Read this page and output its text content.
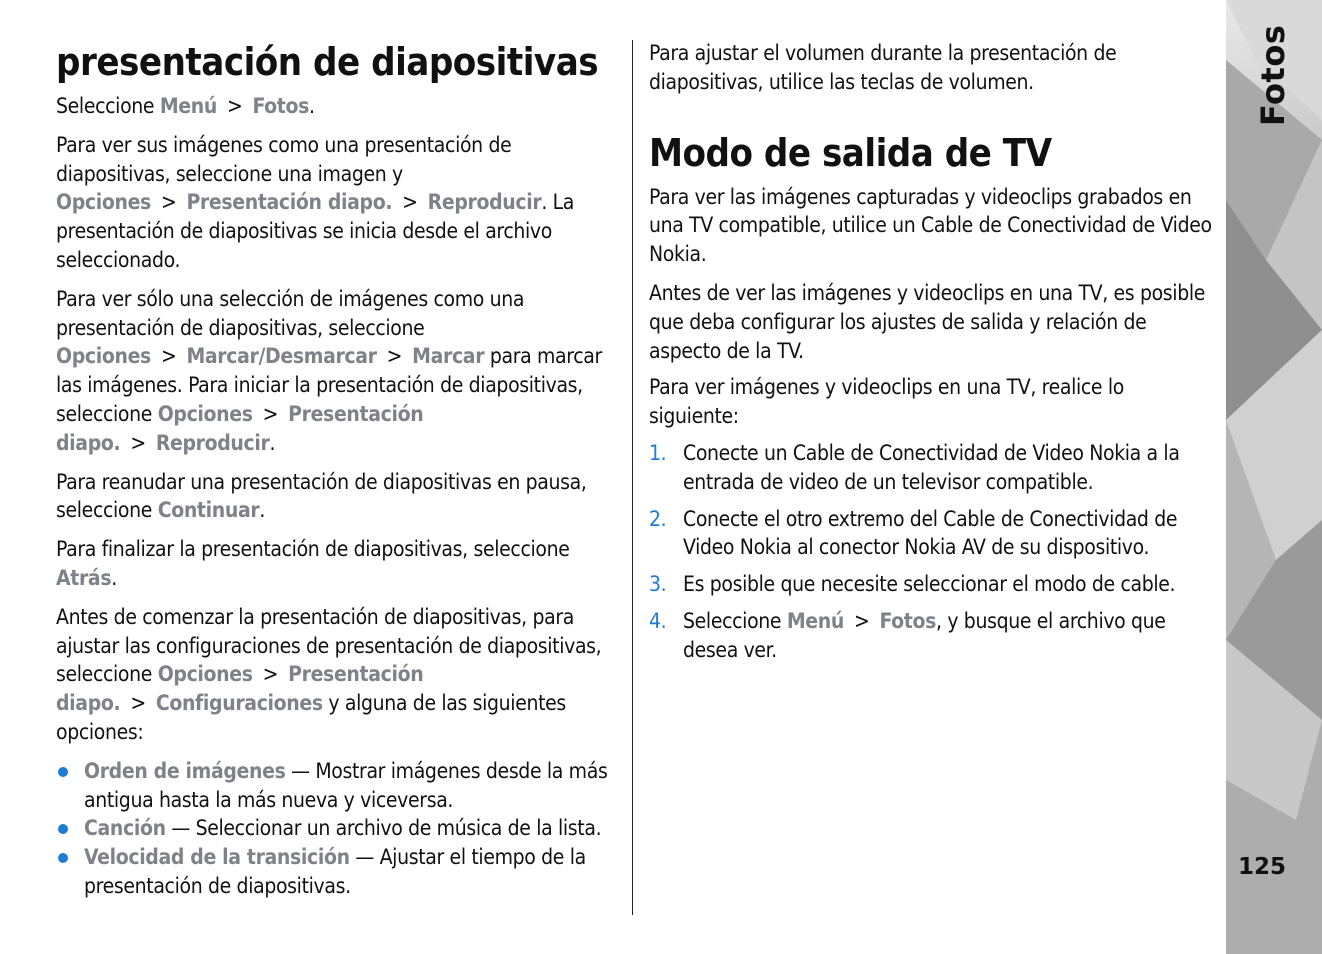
presentación de diapositivas

Seleccione Menú > Fotos.

Para ver sus imágenes como una presentación de diapositivas, seleccione una imagen y Opciones > Presentación diapo. > Reproducir. La presentación de diapositivas se inicia desde el archivo seleccionado.

Para ver sólo una selección de imágenes como una presentación de diapositivas, seleccione Opciones > Marcar/Desmarcar > Marcar para marcar las imágenes. Para iniciar la presentación de diapositivas, seleccione Opciones > Presentación diapo. > Reproducir.

Para reanudar una presentación de diapositivas en pausa, seleccione Continuar.

Para finalizar la presentación de diapositivas, seleccione Atrás.

Antes de comenzar la presentación de diapositivas, para ajustar las configuraciones de presentación de diapositivas, seleccione Opciones > Presentación diapo. > Configuraciones y alguna de las siguientes opciones:

Orden de imágenes — Mostrar imágenes desde la más antigua hasta la más nueva y viceversa.
Canción — Seleccionar un archivo de música de la lista.
Velocidad de la transición — Ajustar el tiempo de la presentación de diapositivas.

Para ajustar el volumen durante la presentación de diapositivas, utilice las teclas de volumen.

Modo de salida de TV

Para ver las imágenes capturadas y videoclips grabados en una TV compatible, utilice un Cable de Conectividad de Video Nokia.

Antes de ver las imágenes y videoclips en una TV, es posible que deba configurar los ajustes de salida y relación de aspecto de la TV.

Para ver imágenes y videoclips en una TV, realice lo siguiente:

1. Conecte un Cable de Conectividad de Video Nokia a la entrada de video de un televisor compatible.
2. Conecte el otro extremo del Cable de Conectividad de Video Nokia al conector Nokia AV de su dispositivo.
3. Es posible que necesite seleccionar el modo de cable.
4. Seleccione Menú > Fotos, y busque el archivo que desea ver.
Fotos
125
